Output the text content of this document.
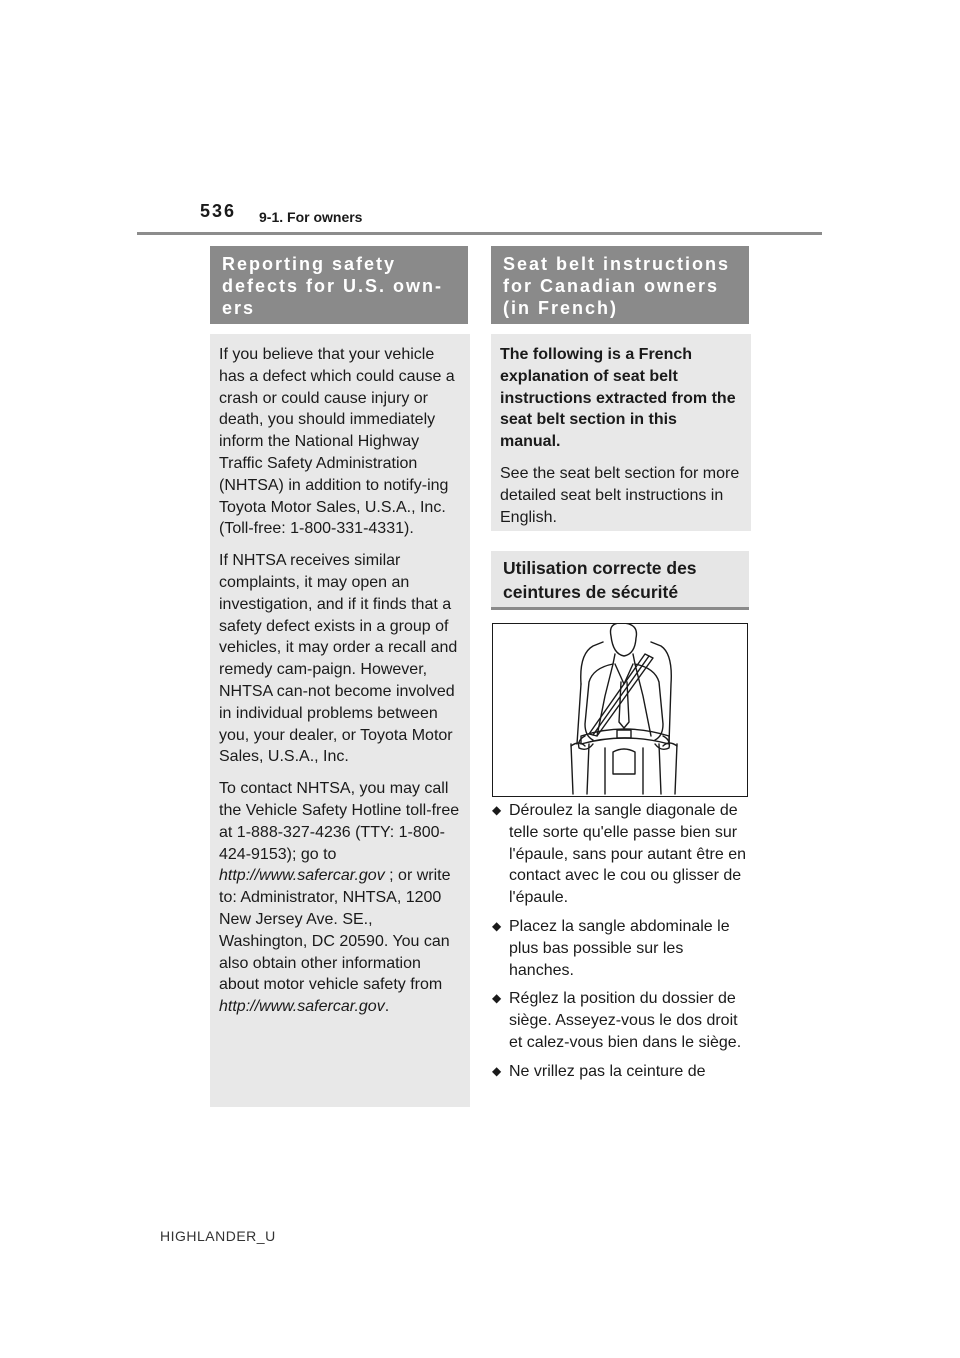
536 9-1. For owners
Reporting safety defects for U.S. own-ers

If you believe that your vehicle has a defect which could cause a crash or could cause injury or death, you should immediately inform the National Highway Traffic Safety Administration (NHTSA) in addition to notify-ing Toyota Motor Sales, U.S.A., Inc. (Toll-free: 1-800-331-4331).

If NHTSA receives similar complaints, it may open an investigation, and if it finds that a safety defect exists in a group of vehicles, it may order a recall and remedy cam-paign. However, NHTSA can-not become involved in individual problems between you, your dealer, or Toyota Motor Sales, U.S.A., Inc.

To contact NHTSA, you may call the Vehicle Safety Hotline toll-free at 1-888-327-4236 (TTY: 1-800-424-9153); go to http://www.safercar.gov ; or write to: Administrator, NHTSA, 1200 New Jersey Ave. SE., Washington, DC 20590. You can also obtain other information about motor vehicle safety from http://www.safercar.gov.

Seat belt instructions for Canadian owners (in French)

The following is a French explanation of seat belt instructions extracted from the seat belt section in this manual.

See the seat belt section for more detailed seat belt instructions in English.

Utilisation correcte des ceintures de sécurité
◆ Déroulez la sangle diagonale de telle sorte qu'elle passe bien sur l'épaule, sans pour autant être en contact avec le cou ou glisser de l'épaule.
◆ Placez la sangle abdominale le plus bas possible sur les hanches.
◆ Réglez la position du dossier de siège. Asseyez-vous le dos droit et calez-vous bien dans le siège.
◆ Ne vrillez pas la ceinture de
HIGHLANDER_U
